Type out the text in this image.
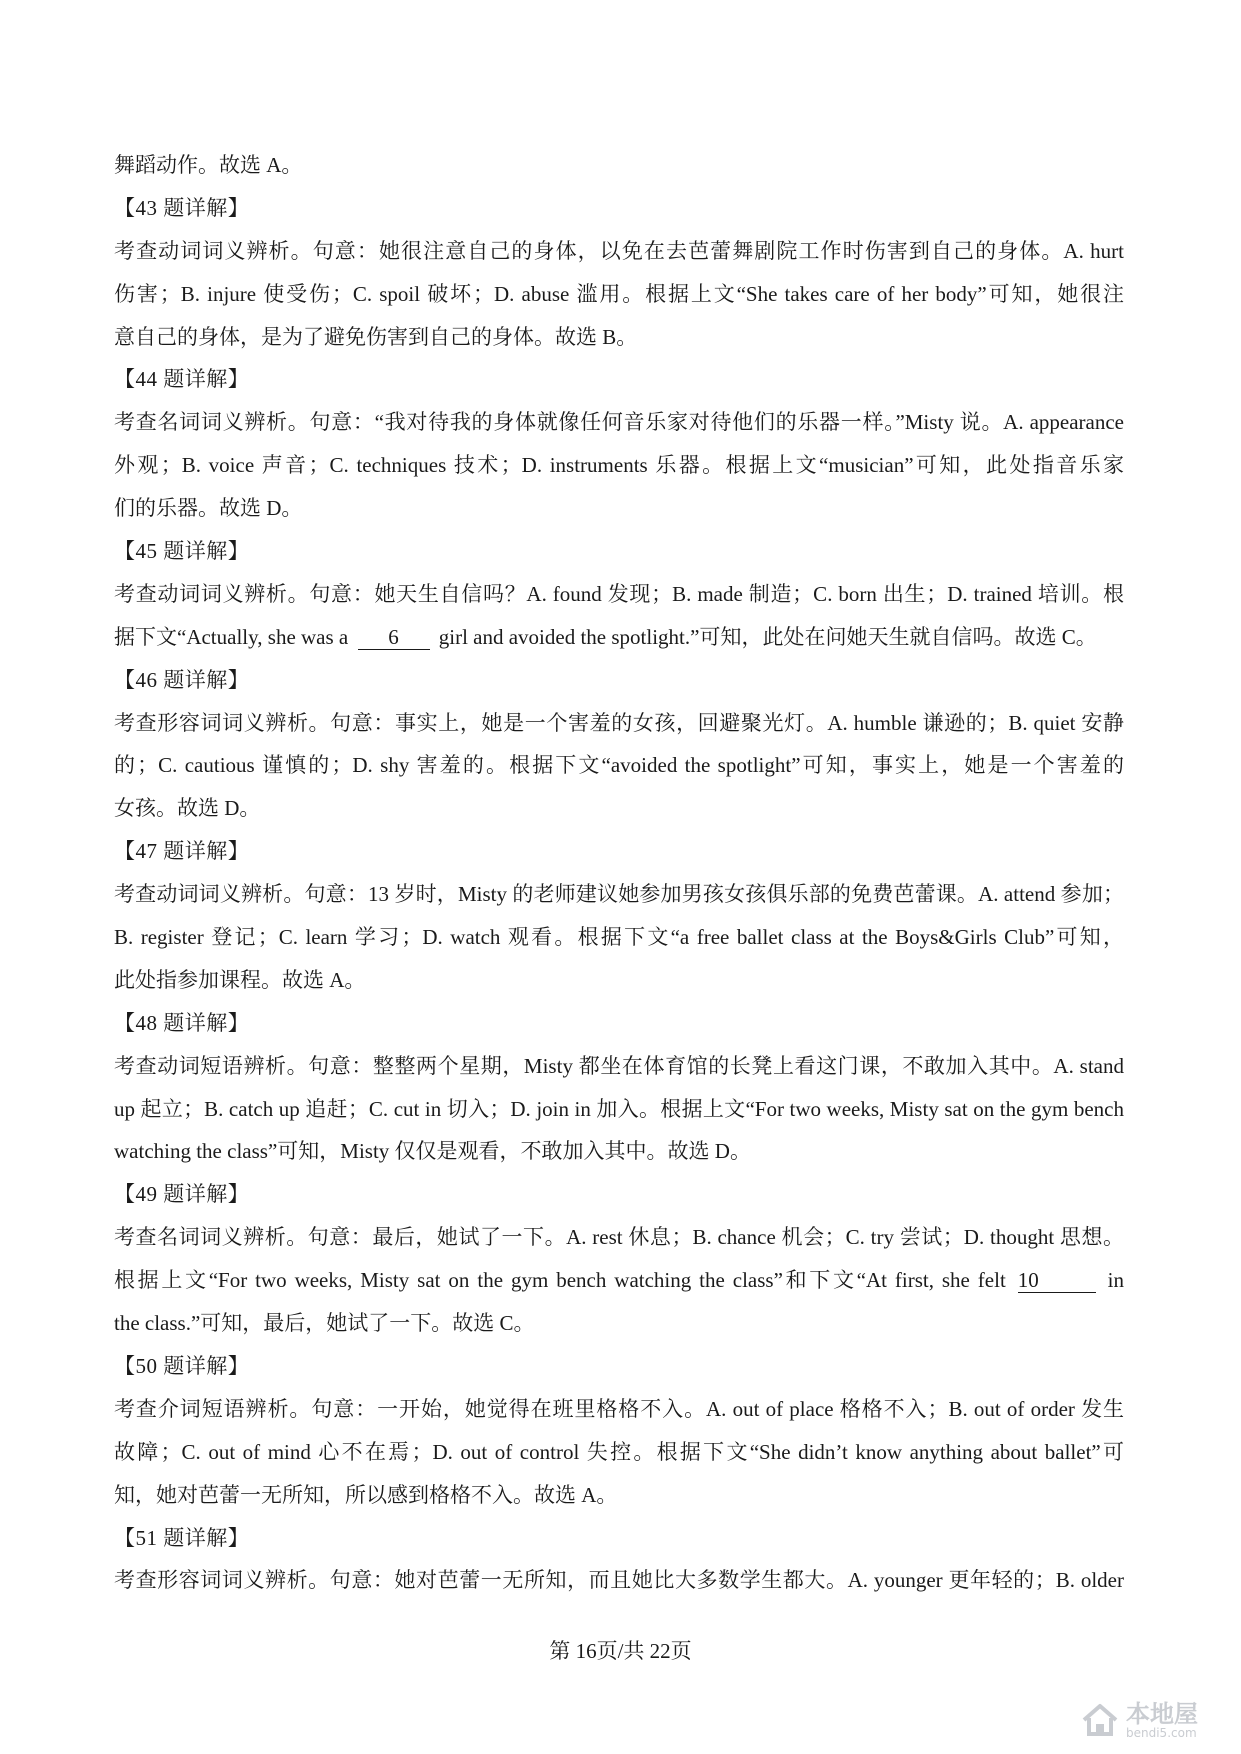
舞蹈动作。故选 A。
【43 题详解】
考查动词词义辨析。句意：她很注意自己的身体，以免在去芭蕾舞剧院工作时伤害到自己的身体。A. hurt
伤害；B. injure 使受伤；C. spoil 破坏；D. abuse 滥用。根据上文“She takes care of her body”可知，她很注
意自己的身体，是为了避免伤害到自己的身体。故选 B。
【44 题详解】
考查名词词义辨析。句意：“我对待我的身体就像任何音乐家对待他们的乐器一样。”Misty 说。A. appearance
外观；B. voice 声音；C. techniques 技术；D. instruments 乐器。根据上文“musician”可知，此处指音乐家
们的乐器。故选 D。
【45 题详解】
考查动词词义辨析。句意：她天生自信吗？A. found 发现；B. made 制造；C. born 出生；D. trained 培训。根
据下文“Actually, she was a 6 girl and avoided the spotlight.”可知，此处在问她天生就自信吗。故选 C。
【46 题详解】
考查形容词词义辨析。句意：事实上，她是一个害羞的女孩，回避聚光灯。A. humble 谦逊的；B. quiet 安静
的；C. cautious 谨慎的；D. shy 害羞的。根据下文“avoided the spotlight”可知，事实上，她是一个害羞的
女孩。故选 D。
【47 题详解】
考查动词词义辨析。句意：13 岁时，Misty 的老师建议她参加男孩女孩俱乐部的免费芭蕾课。A. attend 参加；
B. register 登记；C. learn 学习；D. watch 观看。根据下文“a free ballet class at the Boys&Girls Club”可知，
此处指参加课程。故选 A。
【48 题详解】
考查动词短语辨析。句意：整整两个星期，Misty 都坐在体育馆的长凳上看这门课，不敢加入其中。A. stand
up 起立；B. catch up 追赶；C. cut in 切入；D. join in 加入。根据上文“For two weeks, Misty sat on the gym bench
watching the class”可知，Misty 仅仅是观看，不敢加入其中。故选 D。
【49 题详解】
考查名词词义辨析。句意：最后，她试了一下。A. rest 休息；B. chance 机会；C. try 尝试；D. thought 思想。
根据上文“For two weeks, Misty sat on the gym bench watching the class”和下文“At first, she felt 10	in
the class.”可知，最后，她试了一下。故选 C。
【50 题详解】
考查介词短语辨析。句意：一开始，她觉得在班里格格不入。A. out of place 格格不入；B. out of order 发生
故障；C. out of mind 心不在焉；D. out of control 失控。根据下文“She didn’t know anything about ballet”可
知，她对芭蕾一无所知，所以感到格格不入。故选 A。
【51 题详解】
考查形容词词义辨析。句意：她对芭蕾一无所知，而且她比大多数学生都大。A. younger 更年轻的；B. older
第 16页/共 22页
本地屋
bendi5.com
